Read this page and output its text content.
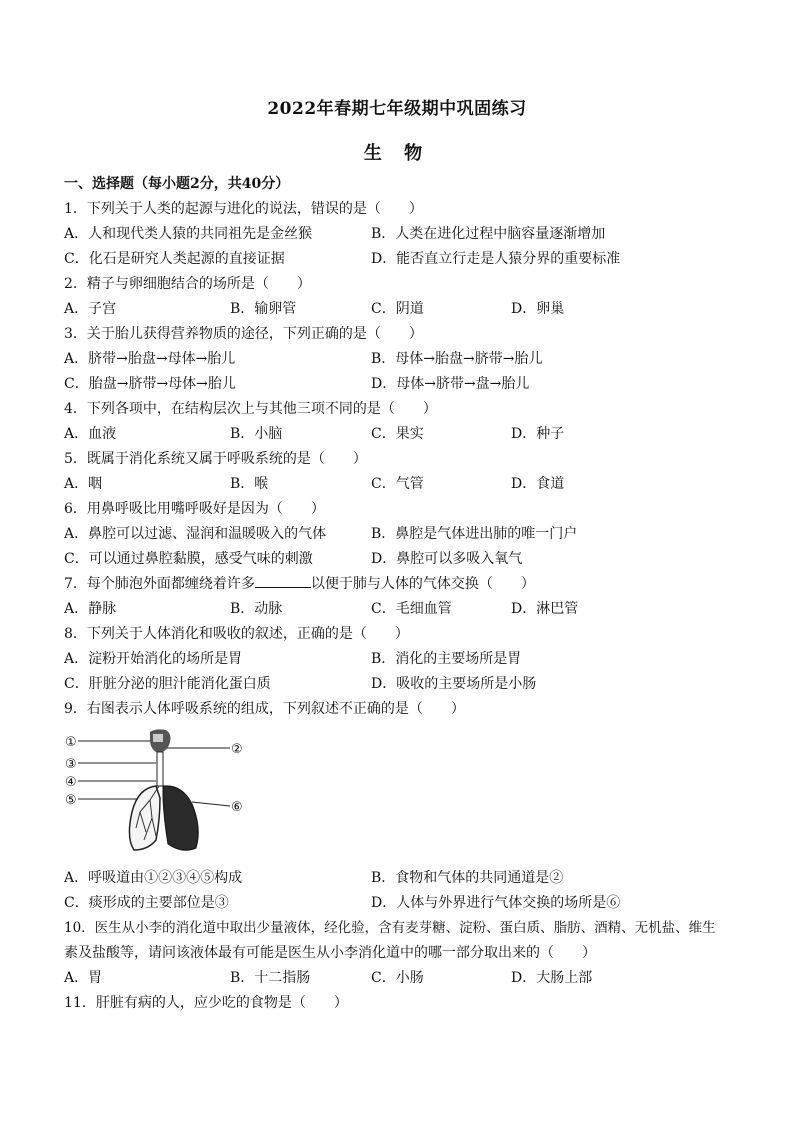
2022年春期七年级期中巩固练习
生 物
一、选择题（每小题2分，共40分）
1．下列关于人类的起源与进化的说法，错误的是（　　）
A．人和现代类人猿的共同祖先是金丝猴	B．人类在进化过程中脑容量逐渐增加
C．化石是研究人类起源的直接证据	D．能否直立行走是人猿分界的重要标准
2．精子与卵细胞结合的场所是（　　）
A．子宫	B．输卵管	C．阴道	D．卵巢
3．关于胎儿获得营养物质的途径，下列正确的是（　　）
A．脐带→胎盘→母体→胎儿	B．母体→胎盘→脐带→胎儿
C．胎盘→脐带→母体→胎儿	D．母体→脐带→盘→胎儿
4．下列各项中，在结构层次上与其他三项不同的是（　　）
A．血液	B．小脑	C．果实	D．种子
5．既属于消化系统又属于呼吸系统的是（　　）
A．咽	B．喉	C．气管	D．食道
6．用鼻呼吸比用嘴呼吸好是因为（　　）
A．鼻腔可以过滤、湿润和温暖吸入的气体	B．鼻腔是气体进出肺的唯一门户
C．可以通过鼻腔黏膜，感受气味的刺激	D．鼻腔可以多吸入氧气
7．每个肺泡外面都缠绕着许多	以便于肺与人体的气体交换（　　）
A．静脉	B．动脉	C．毛细血管	D．淋巴管
8．下列关于人体消化和吸收的叙述，正确的是（　　）
A．淀粉开始消化的场所是胃	B．消化的主要场所是胃
C．肝脏分泌的胆汁能消化蛋白质	D．吸收的主要场所是小肠
9．右图表示人体呼吸系统的组成，下列叙述不正确的是（　　）
①	②
③
④
⑤	⑥
A．呼吸道由①②③④⑤构成	B．食物和气体的共同通道是②
C．痰形成的主要部位是③	D．人体与外界进行气体交换的场所是⑥
10．医生从小李的消化道中取出少量液体，经化验，含有麦芽糖、淀粉、蛋白质、脂肪、酒精、无机盐、维生
素及盐酸等，请问该液体最有可能是医生从小李消化道中的哪一部分取出来的（　　）
A．胃	B．十二指肠	C．小肠	D．大肠上部
11．肝脏有病的人，应少吃的食物是（　　）
